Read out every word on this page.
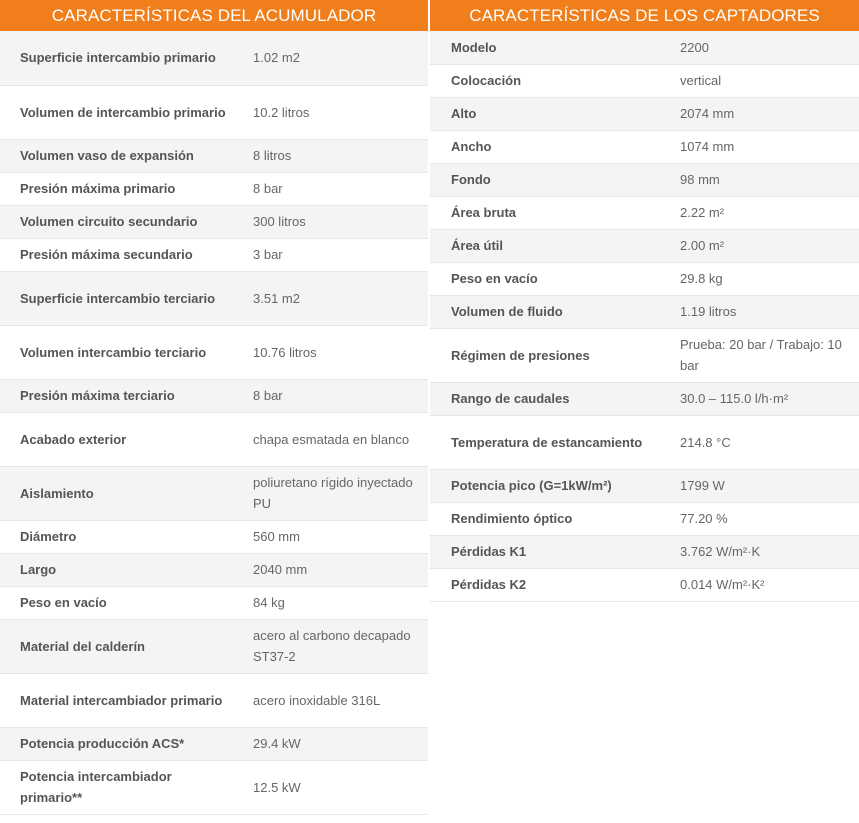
CARACTERÍSTICAS DEL ACUMULADOR
Superficie intercambio primario	1.02 m2
Volumen de intercambio primario	10.2 litros
Volumen vaso de expansión	8 litros
Presión máxima primario	8 bar
Volumen circuito secundario	300 litros
Presión máxima secundario	3 bar
Superficie intercambio terciario	3.51 m2
Volumen intercambio terciario	10.76 litros
Presión máxima terciario	8 bar
Acabado exterior	chapa esmatada en blanco
Aislamiento	poliuretano rígido inyectado PU
Diámetro	560 mm
Largo	2040 mm
Peso en vacío	84 kg
Material del calderín	acero al carbono decapado ST37-2
Material intercambiador primario	acero inoxidable 316L
Potencia producción ACS*	29.4 kW
Potencia intercambiador primario**	12.5 kW
CARACTERÍSTICAS DE LOS CAPTADORES
Modelo	2200
Colocación	vertical
Alto	2074 mm
Ancho	1074 mm
Fondo	98 mm
Área bruta	2.22 m²
Área útil	2.00 m²
Peso en vacío	29.8 kg
Volumen de fluido	1.19 litros
Régimen de presiones	Prueba: 20 bar / Trabajo: 10 bar
Rango de caudales	30.0 – 115.0 l/h·m²
Temperatura de estancamiento	214.8 °C
Potencia pico (G=1kW/m²)	1799 W
Rendimiento óptico	77.20 %
Pérdidas K1	3.762 W/m²·K
Pérdidas K2	0.014 W/m²·K²
